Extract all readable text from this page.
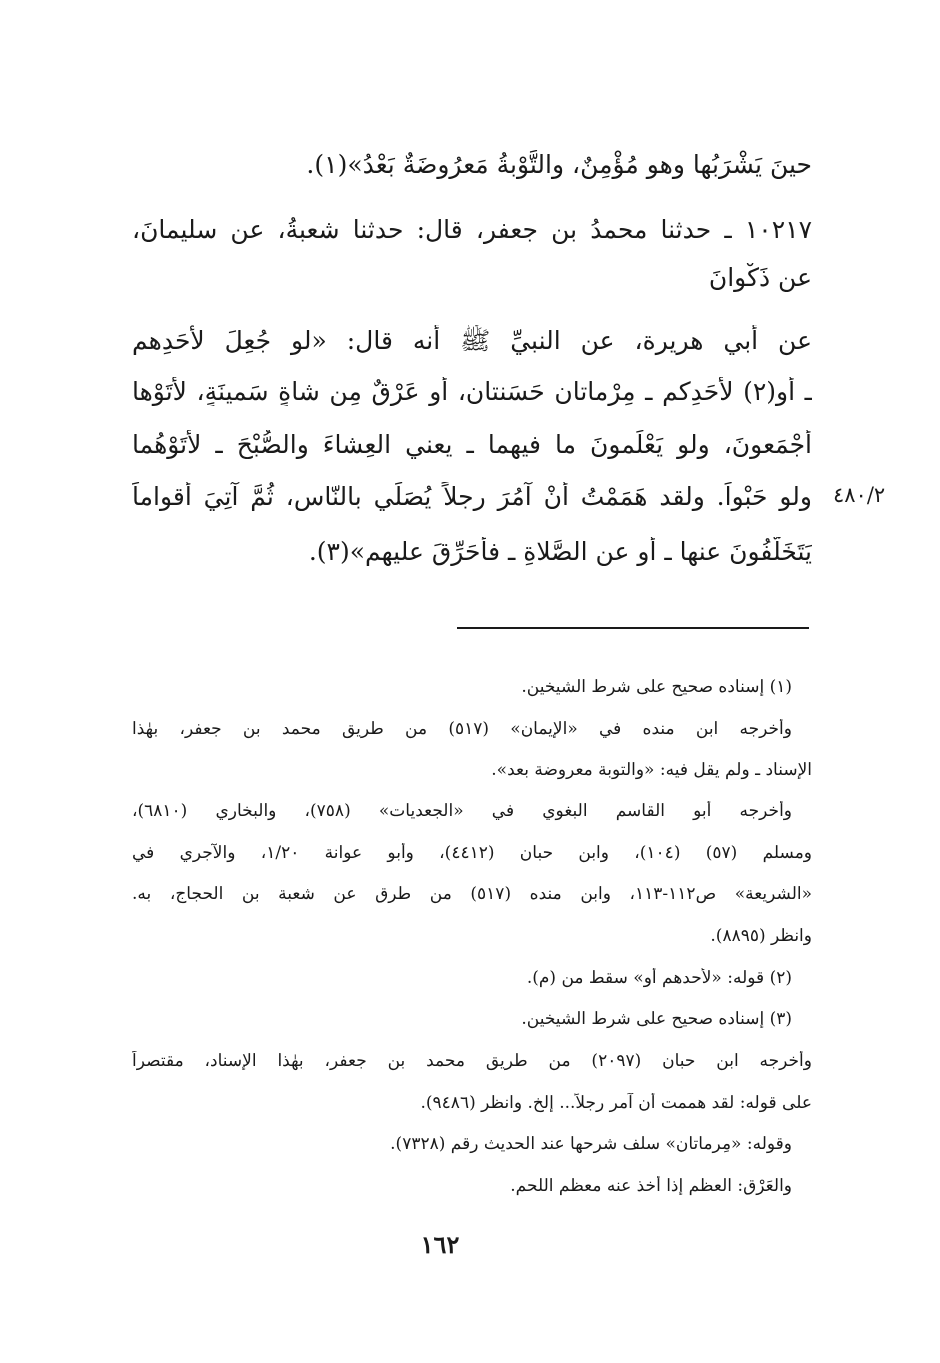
حينَ يَشْرَبُها وهو مُؤْمِنٌ، والتَّوْبةُ مَعرُوضَةٌ بَعْدُ»(١).
١٠٢١٧ ـ حدثنا محمدُ بن جعفرٍ، قال: حدثنا شعبةُ، عن سليمانَ،
عن ذَكْوانَ
عن أبي هريرة، عن النبيِّ ﷺ أنه قال: «لو جُعِلَ لأَحَدِهم
ـ أو(٢) لأَحَدِكم ـ مِرْماتانِ حَسَنتانِ، أو عَرْقٌ مِن شاةٍ سَمينَةٍ، لأَتَوْها
أَجْمَعونَ، ولو يَعْلَمونَ ما فيهما ـ يعني العِشاءَ والصُّبْحَ ـ لأَتَوْهُما
ولو حَبْواً. ولقد هَمَمْتُ أنْ آمُرَ رجلاً يُصَلِّي بالنّاس، ثُمَّ آتِيَ أقواماً
يَتَخَلَّفُونَ عنها ـ أو عن الصَّلاةِ ـ فأُحَرِّقَ عليهم»(٣).
٤٨٠/٢
(١) إسناده صحيح على شرط الشيخين.
وأخرجه ابن منده في «الإيمان» (٥١٧) من طريق محمد بن جعفر، بهٰذا
الإسناد ـ ولم يقل فيه: «والتوبة معروضة بعد».
وأخرجه أبو القاسم البغوي في «الجعديات» (٧٥٨)، والبخاري (٦٨١٠)،
ومسلم (٥٧) (١٠٤)، وابن حبان (٤٤١٢)، وأبو عوانة ١/٢٠، والآجري في
«الشريعة» ص١١٢-١١٣، وابن منده (٥١٧) من طرق عن شعبة بن الحجاج، به.
وانظر (٨٨٩٥).
(٢) قوله: «لأحدهم أو» سقط من (م).
(٣) إسناده صحيح على شرط الشيخين.
وأخرجه ابن حبان (٢٠٩٧) من طريق محمد بن جعفر، بهٰذا الإسناد، مقتصراً
على قوله: لقد هممت أن آمر رجلاً... إلخ. وانظر (٩٤٨٦).
وقوله: «مِرماتان» سلف شرحها عند الحديث رقم (٧٣٢٨).
والعَرْق: العظم إذا أخذ عنه معظم اللحم.
١٦٢
